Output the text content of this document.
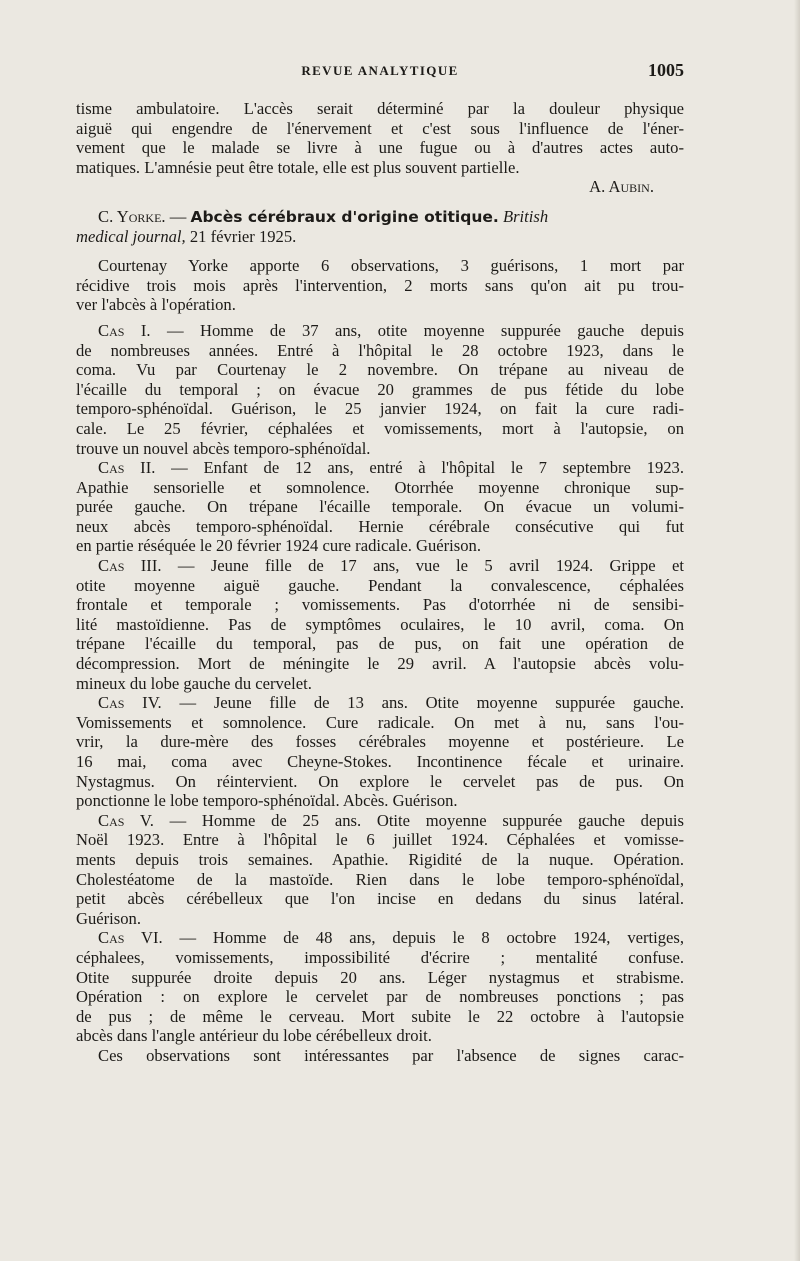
REVUE ANALYTIQUE	1005
tisme ambulatoire. L'accès serait déterminé par la douleur physique
aiguë qui engendre de l'énervement et c'est sous l'influence de l'éner-
vement que le malade se livre à une fugue ou à d'autres actes auto-
matiques. L'amnésie peut être totale, elle est plus souvent partielle.
A. Aubin.
C. Yorke. — Abcès cérébraux d'origine otitique. British
medical journal, 21 février 1925.
Courtenay Yorke apporte 6 observations, 3 guérisons, 1 mort par
récidive trois mois après l'intervention, 2 morts sans qu'on ait pu trou-
ver l'abcès à l'opération.
Cas I. — Homme de 37 ans, otite moyenne suppurée gauche depuis
de nombreuses années. Entré à l'hôpital le 28 octobre 1923, dans le
coma. Vu par Courtenay le 2 novembre. On trépane au niveau de
l'écaille du temporal ; on évacue 20 grammes de pus fétide du lobe
temporo-sphénoïdal. Guérison, le 25 janvier 1924, on fait la cure radi-
cale. Le 25 février, céphalées et vomissements, mort à l'autopsie, on
trouve un nouvel abcès temporo-sphénoïdal.
Cas II. — Enfant de 12 ans, entré à l'hôpital le 7 septembre 1923.
Apathie sensorielle et somnolence. Otorrhée moyenne chronique sup-
purée gauche. On trépane l'écaille temporale. On évacue un volumi-
neux abcès temporo-sphénoïdal. Hernie cérébrale consécutive qui fut
en partie réséquée le 20 février 1924 cure radicale. Guérison.
Cas III. — Jeune fille de 17 ans, vue le 5 avril 1924. Grippe et
otite moyenne aiguë gauche. Pendant la convalescence, céphalées
frontale et temporale ; vomissements. Pas d'otorrhée ni de sensibi-
lité mastoïdienne. Pas de symptômes oculaires, le 10 avril, coma. On
trépane l'écaille du temporal, pas de pus, on fait une opération de
décompression. Mort de méningite le 29 avril. A l'autopsie abcès volu-
mineux du lobe gauche du cervelet.
Cas IV. — Jeune fille de 13 ans. Otite moyenne suppurée gauche.
Vomissements et somnolence. Cure radicale. On met à nu, sans l'ou-
vrir, la dure-mère des fosses cérébrales moyenne et postérieure. Le
16 mai, coma avec Cheyne-Stokes. Incontinence fécale et urinaire.
Nystagmus. On réintervient. On explore le cervelet pas de pus. On
ponctionne le lobe temporo-sphénoïdal. Abcès. Guérison.
Cas V. — Homme de 25 ans. Otite moyenne suppurée gauche depuis
Noël 1923. Entre à l'hôpital le 6 juillet 1924. Céphalées et vomisse-
ments depuis trois semaines. Apathie. Rigidité de la nuque. Opération.
Cholestéatome de la mastoïde. Rien dans le lobe temporo-sphénoïdal,
petit abcès cérébelleux que l'on incise en dedans du sinus latéral.
Guérison.
Cas VI. — Homme de 48 ans, depuis le 8 octobre 1924, vertiges,
céphalees, vomissements, impossibilité d'écrire ; mentalité confuse.
Otite suppurée droite depuis 20 ans. Léger nystagmus et strabisme.
Opération : on explore le cervelet par de nombreuses ponctions ; pas
de pus ; de même le cerveau. Mort subite le 22 octobre à l'autopsie
abcès dans l'angle antérieur du lobe cérébelleux droit.
Ces observations sont intéressantes par l'absence de signes carac-
